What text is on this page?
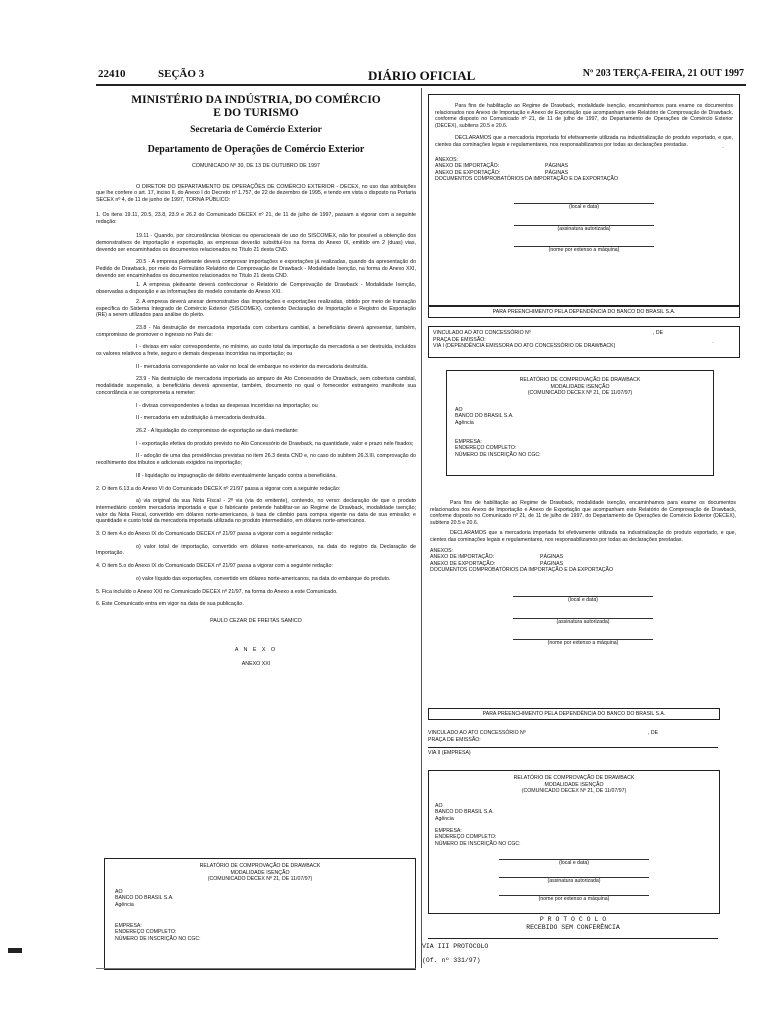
22410	SEÇÃO 3	DIÁRIO OFICIAL	Nº 203 TERÇA-FEIRA, 21 OUT 1997
MINISTÉRIO DA INDÚSTRIA, DO COMÉRCIO
E DO TURISMO
Secretaria de Comércio Exterior
Departamento de Operações de Comércio Exterior
COMUNICADO Nº 30, DE 13 DE OUTUBRO DE 1997

O DIRETOR DO DEPARTAMENTO DE OPERAÇÕES DE COMÉRCIO EXTERIOR - DECEX, no uso das atribuições que lhe confere o art. 17, inciso II, do Anexo I do Decreto nº 1.757, de 22 de dezembro de 1995, e tendo em vista o disposto na Portaria SECEX nº 4, de 11 de junho de 1997, TORNA PÚBLICO:

1. Os itens 19.11, 20.5, 23.8, 23.9 e 26.2 do Comunicado DECEX nº 21, de 11 de julho de 1997, passam a vigorar com a seguinte redação:

19.11 - Quando, por circunstâncias técnicas ou operacionais de uso do SISCOMEX, não for possível a obtenção dos demonstrativos de importação e exportação, as empresas deverão substituí-los na forma do Anexo IX, emitido em 2 (duas) vias, devendo ser encaminhados os documentos relacionados no Título 21 desta CND.

20.5 - A empresa pleiteante deverá comprovar importações e exportações já realizadas, quando da apresentação do Pedido de Drawback, por meio do Formulário Relatório de Comprovação de Drawback - Modalidade Isenção, na forma do Anexo XXI, devendo ser encaminhados os documentos relacionados no Título 21 desta CND.

1. A empresa pleiteante deverá confeccionar o Relatório de Comprovação de Drawback - Modalidade Isenção, observadas a disposição e as informações do modelo constante do Anexo XXI.

2. A empresa deverá anexar demonstrativo das importações e exportações realizadas, obtido por meio de transação específica do Sistema Integrado de Comércio Exterior (SISCOMEX), contendo Declaração de Importação e Registro de Exportação (RE) a serem utilizados para análise do pleito.

23.8 - Na destruição de mercadoria importada com cobertura cambial, a beneficiária deverá apresentar, também, compromisso de promover o ingresso no País de:

I - divisas em valor correspondente, no mínimo, ao custo total da importação da mercadoria a ser destruída, incluídos os valores relativos a frete, seguro e demais despesas incorridas na importação; ou

II - mercadoria correspondente ao valor no local de embarque no exterior da mercadoria destruída.

23.9 - Na destruição de mercadoria importada ao amparo de Ato Concessório de Drawback, sem cobertura cambial, modalidade suspensão, a beneficiária deverá apresentar, também, documento no qual o fornecedor estrangeiro manifeste sua concordância e se comprometa a remeter:

I - divisas correspondentes a todas as despesas incorridas na importação; ou

II - mercadoria em substituição à mercadoria destruída.

26.2 - A liquidação do compromisso de exportação se dará mediante:

I - exportação efetiva do produto previsto no Ato Concessório de Drawback, na quantidade, valor e prazo nele fixados;

II - adoção de uma das providências previstas no item 26.3 desta CND e, no caso do subitem 26.3.III, comprovação do recolhimento dos tributos e adicionais exigidos na importação;

III - liquidação ou impugnação de débito eventualmente lançado contra a beneficiária.

2. O item 6.13.a do Anexo VI do Comunicado DECEX nº 21/97 passa a vigorar com a seguinte redação:

a) via original da sua Nota Fiscal - 2ª via (via do emitente), contendo, no verso: declaração de que o produto intermediário contém mercadoria importada e que o fabricante pretende habilitar-se ao Regime de Drawback, modalidade isenção; valor da Nota Fiscal, convertido em dólares norte-americanos, à taxa de câmbio para compra vigente na data de sua emissão; e quantidade e custo total da mercadoria importada utilizada no produto intermediário, em dólares norte-americanos.

3. O item 4.o do Anexo IX do Comunicado DECEX nº 21/97 passa a vigorar com a seguinte redação:

o) valor total de importação, convertido em dólares norte-americanos, na data do registro da Declaração de Importação.

4. O item 5.o do Anexo IX do Comunicado DECEX nº 21/97 passa a vigorar com a seguinte redação:

o) valor líquido das exportações, convertido em dólares norte-americanos, na data do embarque do produto.

5. Fica incluído o Anexo XXI no Comunicado DECEX nº 21/97, na forma do Anexo a este Comunicado.

6. Este Comunicado entra em vigor na data de sua publicação.

PAULO CEZAR DE FREITAS SAMICO
A N E X O
ANEXO XXI
RELATÓRIO DE COMPROVAÇÃO DE DRAWBACK
MODALIDADE ISENÇÃO
(COMUNICADO DECEX Nº 21, DE 11/07/97)
AO
BANCO DO BRASIL S.A.
Agência
EMPRESA:
ENDEREÇO COMPLETO:
NÚMERO DE INSCRIÇÃO NO CGC:

Para fins de habilitação ao Regime de Drawback, modalidade isenção, encaminhamos para exame os documentos relacionados nos Anexo de Importação e Anexo de Exportação que acompanham este Relatório de Comprovação de Drawback, conforme disposto no Comunicado nº 21, de 11 de julho de 1997, do Departamento de Operações de Comércio Exterior (DECEX), subitens 20.5 e 20.6.

DECLARAMOS que a mercadoria importada foi efetivamente utilizada na industrialização do produto exportado, e que, cientes das cominações legais e regulamentares, nos responsabilizamos por todas as declarações prestadas.

ANEXOS:
ANEXO DE IMPORTAÇÃO:	PÁGINAS
ANEXO DE EXPORTAÇÃO:	PÁGINAS
DOCUMENTOS COMPROBATÓRIOS DA IMPORTAÇÃO E DA EXPORTAÇÃO
(local e data)
(assinatura autorizada)
(nome por extenso a máquina)
PARA PREENCHIMENTO PELA DEPENDÊNCIA DO BANCO DO BRASIL S.A.
VINCULADO AO ATO CONCESSÓRIO Nº	, DE
PRAÇA DE EMISSÃO:
VIA I (DEPENDÊNCIA EMISSORA DO ATO CONCESSÓRIO DE DRAWBACK)
RELATÓRIO DE COMPROVAÇÃO DE DRAWBACK
MODALIDADE ISENÇÃO
(COMUNICADO DECEX Nº 21, DE 11/07/97)
AO
BANCO DO BRASIL S.A.
Agência
EMPRESA:
ENDEREÇO COMPLETO:
NÚMERO DE INSCRIÇÃO NO CGC:

Para fins de habilitação ao Regime de Drawback, modalidade isenção, encaminhamos para exame os documentos relacionados nos Anexo de Importação e Anexo de Exportação que acompanham este Relatório de Comprovação de Drawback, conforme disposto no Comunicado nº 21, de 11 de julho de 1997, do Departamento de Operações de Comércio Exterior (DECEX), subitens 20.5 e 20.6.

DECLARAMOS que a mercadoria importada foi efetivamente utilizada na industrialização do produto exportado, e que, cientes das cominações legais e regulamentares, nos responsabilizamos por todas as declarações prestadas.

ANEXOS:
ANEXO DE IMPORTAÇÃO:	PÁGINAS
ANEXO DE EXPORTAÇÃO:	PÁGINAS
DOCUMENTOS COMPROBATÓRIOS DA IMPORTAÇÃO E DA EXPORTAÇÃO
(local e data)
(assinatura autorizada)
(nome por extenso a máquina)
PARA PREENCHIMENTO PELA DEPENDÊNCIA DO BANCO DO BRASIL S.A.
VINCULADO AO ATO CONCESSÓRIO Nº	, DE
PRAÇA DE EMISSÃO:
VIA II (EMPRESA)
RELATÓRIO DE COMPROVAÇÃO DE DRAWBACK
MODALIDADE ISENÇÃO
(COMUNICADO DECEX Nº 21, DE 11/07/97)
AO
BANCO DO BRASIL S.A.
Agência
EMPRESA:
ENDEREÇO COMPLETO:
NÚMERO DE INSCRIÇÃO NO CGC:
(local e data)
(assinatura autorizada)
(nome por extenso a máquina)
P R O T O C O L O
RECEBIDO SEM CONFERÊNCIA
VIA III PROTOCOLO
(Of. nº 331/97)
·
·
